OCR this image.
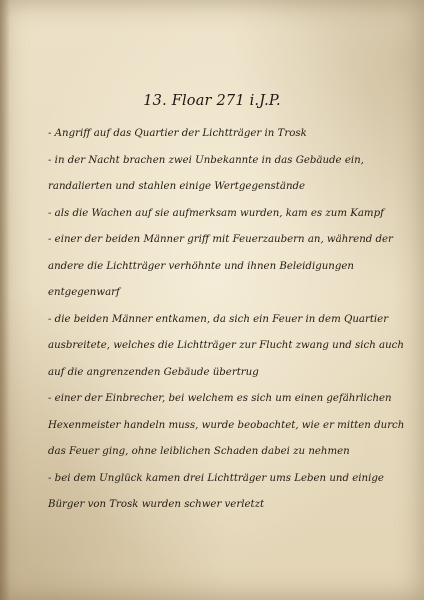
13. Floar 271 i.J.P.

- Angriff auf das Quartier der Lichtträger in Trosk

- in der Nacht brachen zwei Unbekannte in das Gebäude ein, randalierten und stahlen einige Wertgegenstände

- als die Wachen auf sie aufmerksam wurden, kam es zum Kampf

- einer der beiden Männer griff mit Feuerzaubern an, während der andere die Lichtträger verhöhnte und ihnen Beleidigungen entgegenwarf

- die beiden Männer entkamen, da sich ein Feuer in dem Quartier ausbreitete, welches die Lichtträger zur Flucht zwang und sich auch auf die angrenzenden Gebäude übertrug

- einer der Einbrecher, bei welchem es sich um einen gefährlichen Hexenmeister handeln muss, wurde beobachtet, wie er mitten durch das Feuer ging, ohne leiblichen Schaden dabei zu nehmen

- bei dem Unglück kamen drei Lichtträger ums Leben und einige Bürger von Trosk wurden schwer verletzt
